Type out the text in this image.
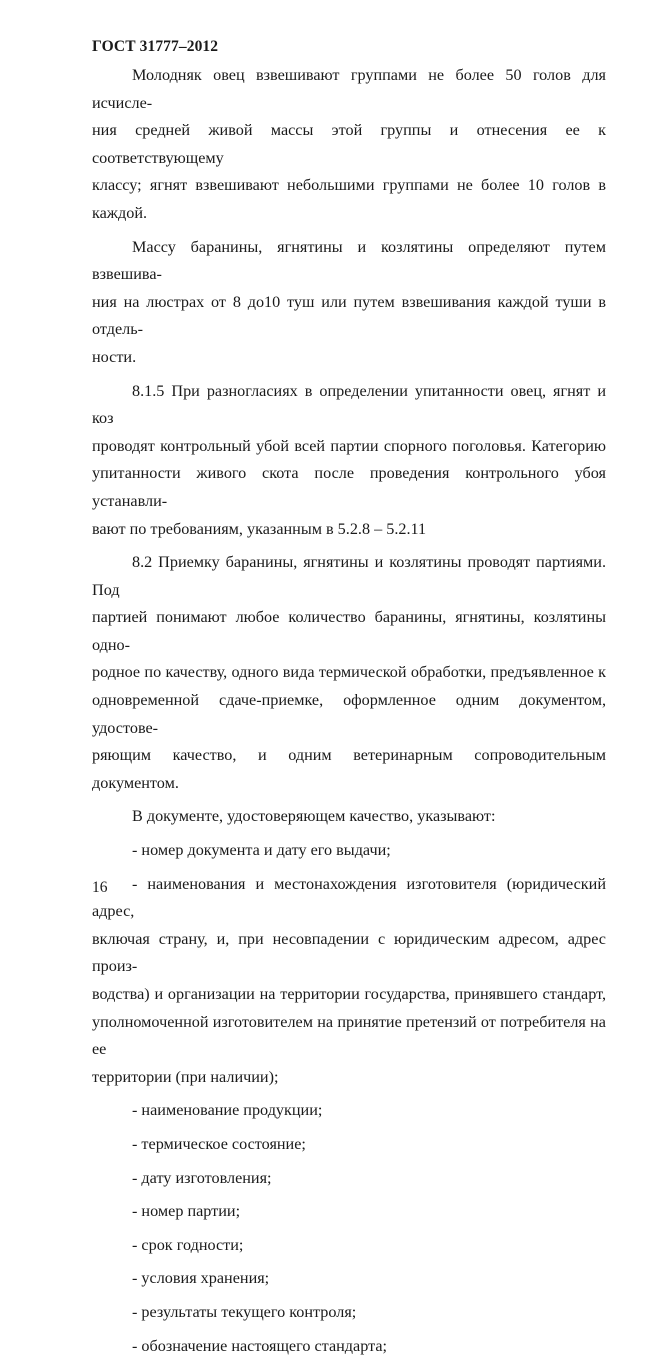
ГОСТ 31777–2012

Молодняк овец взвешивают группами не более 50 голов для исчисле-
ния средней живой массы этой группы и отнесения ее к соответствующему
классу; ягнят взвешивают небольшими группами не более 10 голов в каждой.

Массу баранины, ягнятины и козлятины определяют путем взвешива-
ния на люстрах от 8 до10 туш или путем взвешивания каждой туши в отдель-
ности.

8.1.5 При разногласиях в определении упитанности овец, ягнят и коз
проводят контрольный убой всей партии спорного поголовья. Категорию
упитанности живого скота после проведения контрольного убоя устанавли-
вают по требованиям, указанным в 5.2.8 – 5.2.11

8.2 Приемку баранины, ягнятины и козлятины проводят партиями. Под
партией понимают любое количество баранины, ягнятины, козлятины одно-
родное по качеству, одного вида термической обработки, предъявленное к
одновременной сдаче-приемке, оформленное одним документом, удостове-
ряющим качество, и одним ветеринарным сопроводительным документом.

В документе, удостоверяющем качество, указывают:

- номер документа и дату его выдачи;

- наименования и местонахождения изготовителя (юридический адрес,
включая страну, и, при несовпадении с юридическим адресом, адрес произ-
водства) и организации на территории государства, принявшего стандарт,
уполномоченной изготовителем на принятие претензий от потребителя на ее
территории (при наличии);

- наименование продукции;
- термическое состояние;
- дату изготовления;
- номер партии;
- срок годности;
- условия хранения;
- результаты текущего контроля;
- обозначение настоящего стандарта;
16
